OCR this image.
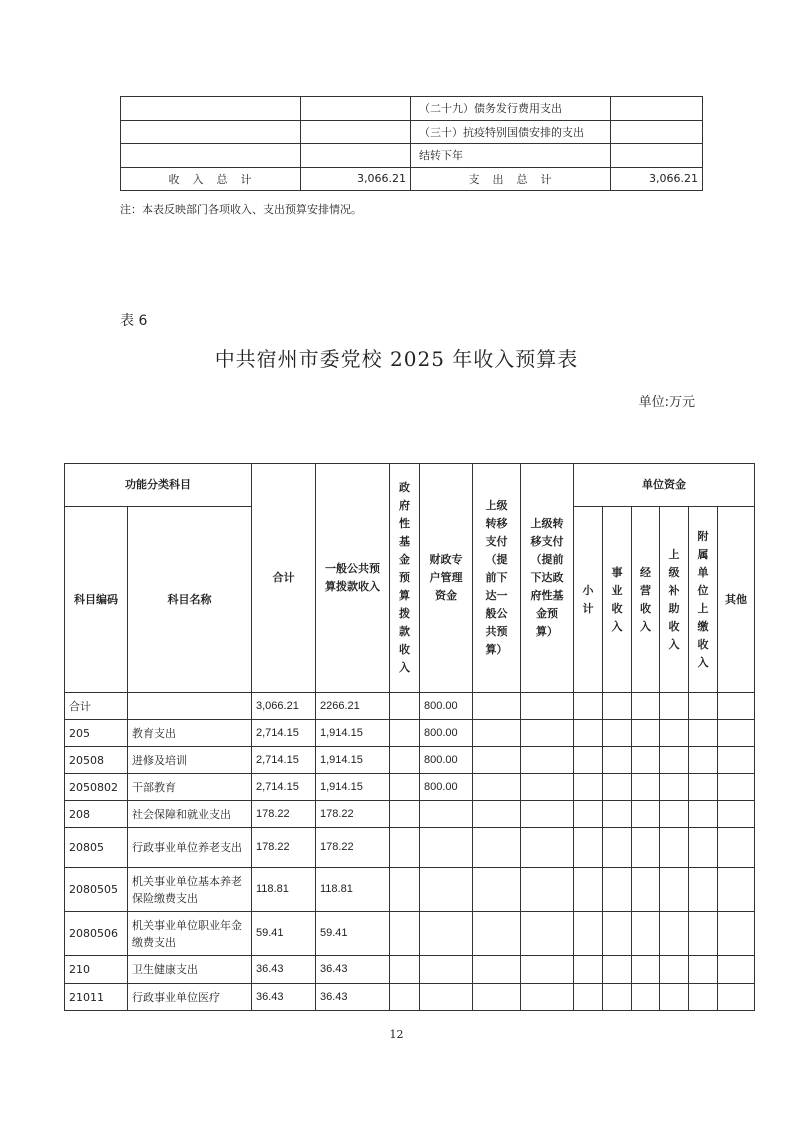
		（二十九）债务发行费用支出	
		（三十）抗疫特别国债安排的支出	
		结转下年	
收　入　总　计	3,066.21	支　出　总　计	3,066.21
注：本表反映部门各项收入、支出预算安排情况。
表 6
中共宿州市委党校 2025 年收入预算表
单位:万元
功能分类科目		合计	一般公共预算拨款收入	政府性基金预算拨款收入	财政专户管理资金	上级转移支付（提前下达一般公共预算）	上级转移支付（提前下达政府性基金预算）	单位资金					
科目编码	科目名称							小计	事业收入	经营收入	上级补助收入	附属单位上缴收入	其他
合计		3,066.21	2266.21		800.00								
205	教育支出	2,714.15	1,914.15		800.00								
20508	进修及培训	2,714.15	1,914.15		800.00								
2050802	干部教育	2,714.15	1,914.15		800.00								
208	社会保障和就业支出	178.22	178.22										
20805	行政事业单位养老支出	178.22	178.22										
2080505	机关事业单位基本养老保险缴费支出	118.81	118.81										
2080506	机关事业单位职业年金缴费支出	59.41	59.41										
210	卫生健康支出	36.43	36.43										
21011	行政事业单位医疗	36.43	36.43										
12
